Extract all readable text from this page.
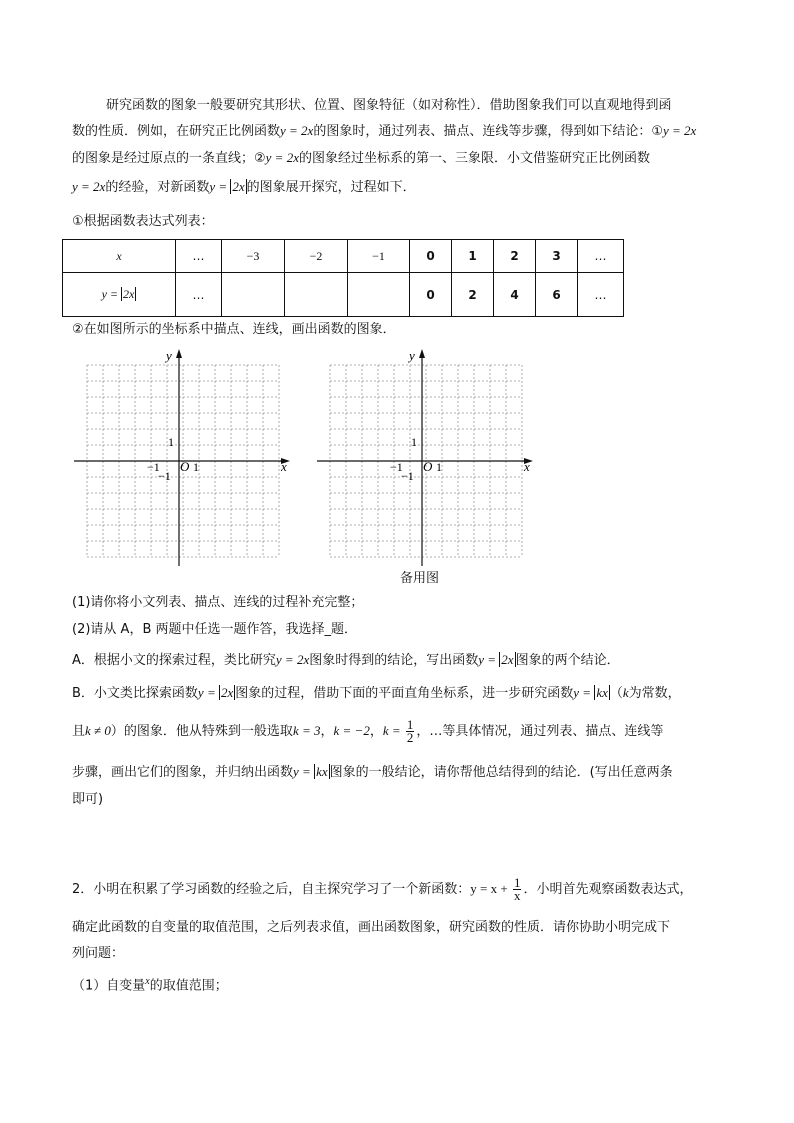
研究函数的图象一般要研究其形状、位置、图象特征（如对称性）．借助图象我们可以直观地得到函
数的性质．例如，在研究正比例函数y = 2x的图象时，通过列表、描点、连线等步骤，得到如下结论：①y = 2x
的图象是经过原点的一条直线；②y = 2x的图象经过坐标系的第一、三象限．小文借鉴研究正比例函数
y = 2x的经验，对新函数y = 2x 的图象展开探究，过程如下．
①根据函数表达式列表：
x	…	−3	−2	−1	0	1	2	3	…
y = 2x	…				0	2	4	6	…
②在如图所示的坐标系中描点、连线，画出函数的图象．
y
x
1
−1 O 1
−1
y
x
1
−1 O 1
−1
备用图
(1)请你将小文列表、描点、连线的过程补充完整；
(2)请从 A，B 两题中任选一题作答，我选择_题．
A．根据小文的探索过程，类比研究y = 2x图象时得到的结论，写出函数y = 2x 图象的两个结论．
B．小文类比探索函数y = 2x 图象的过程，借助下面的平面直角坐标系，进一步研究函数y = kx （k为常数，
且k ≠ 0）的图象．他从特殊到一般选取k = 3，k = −2，$k = \frac{1}{2}$ ，…等具体情况，通过列表、描点、连线等
步骤，画出它们的图象，并归纳出函数y = kx 图象的一般结论，请你帮他总结得到的结论．(写出任意两条
即可)
2．小明在积累了学习函数的经验之后，自主探究学习了一个新函数：$y = x + \frac{1}{x}$ ．小明首先观察函数表达式，
确定此函数的自变量的取值范围，之后列表求值，画出函数图象，研究函数的性质．请你协助小明完成下
列问题：
（1）自变量$^x$的取值范围；
